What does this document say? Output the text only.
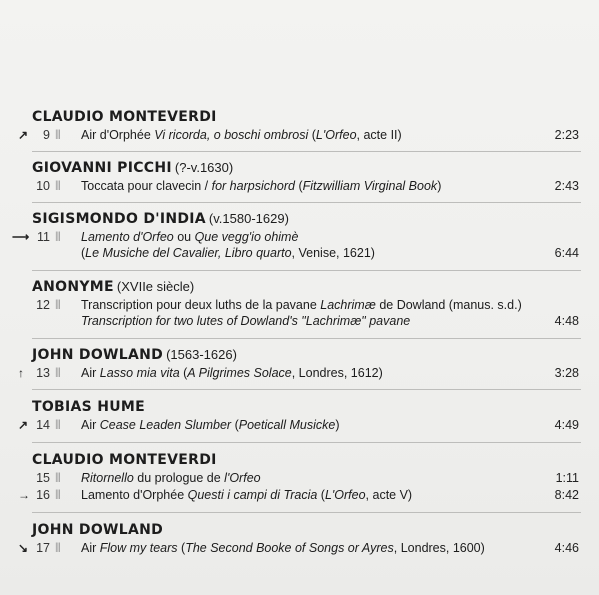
CLAUDIO MONTEVERDI
↗	9 ||| Air d'Orphée Vi ricorda, o boschi ombrosi (L'Orfeo, acte II)	2:23
GIOVANNI PICCHI (?-v.1630)
10 ||| Toccata pour clavecin / for harpsichord (Fitzwilliam Virginal Book)	2:43
SIGISMONDO D'INDIA (v.1580-1629)
⟶ 11 ||| Lamento d'Orfeo ou Que vegg'io ohimè
(Le Musiche del Cavalier, Libro quarto, Venise, 1621)	6:44
ANONYME (XVIIe siècle)
12 ||| Transcription pour deux luths de la pavane Lachrimæ de Dowland (manus. s.d.)
Transcription for two lutes of Dowland's "Lachrimæ" pavane	4:48
JOHN DOWLAND (1563-1626)
↑ 13 ||| Air Lasso mia vita (A Pilgrimes Solace, Londres, 1612)	3:28
TOBIAS HUME
↗ 14 ||| Air Cease Leaden Slumber (Poeticall Musicke)	4:49
CLAUDIO MONTEVERDI
15 ||| Ritornello du prologue de l'Orfeo	1:11
→ 16 ||| Lamento d'Orphée Questi i campi di Tracia (L'Orfeo, acte V)	8:42
JOHN DOWLAND
↘ 17 ||| Air Flow my tears (The Second Booke of Songs or Ayres, Londres, 1600)	4:46
